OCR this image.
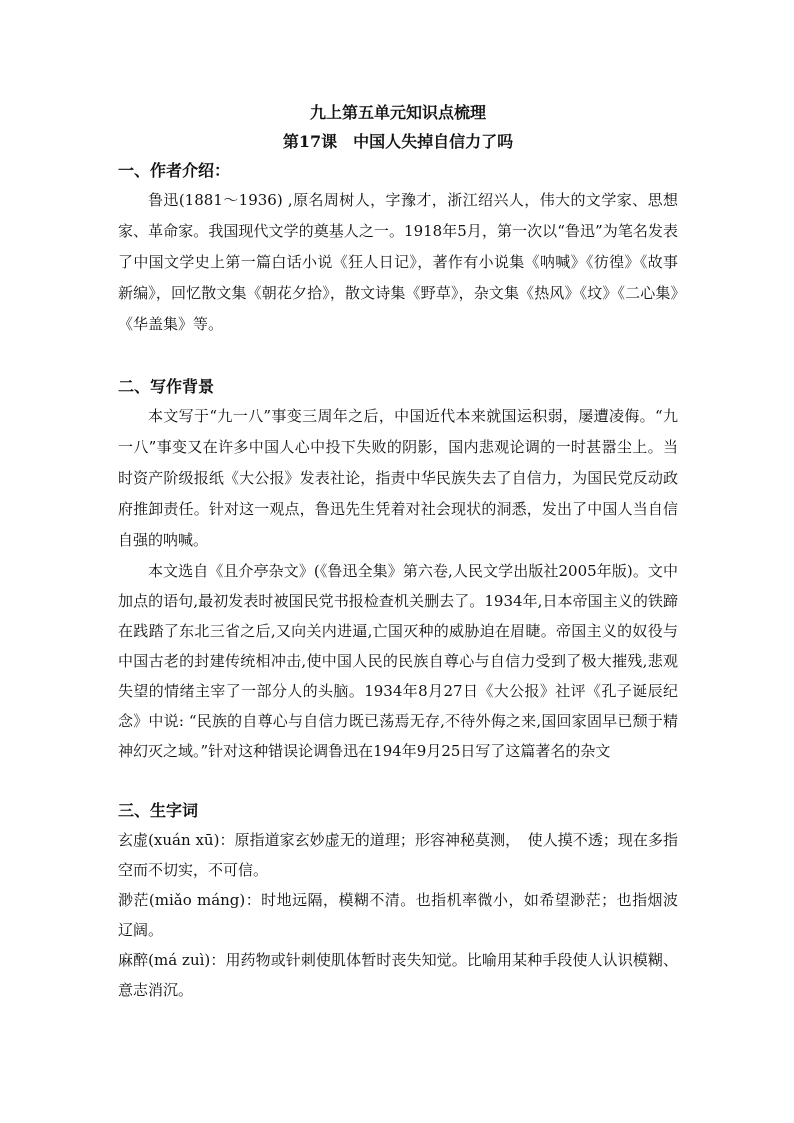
九上第五单元知识点梳理
第17课　中国人失掉自信力了吗
一、作者介绍：

鲁迅(1881～1936) ,原名周树人，字豫才，浙江绍兴人，伟大的文学家、思想家、革命家。我国现代文学的奠基人之一。1918年5月，第一次以“鲁迅”为笔名发表了中国文学史上第一篇白话小说《狂人日记》，著作有小说集《呐喊》《彷徨》《故事新编》，回忆散文集《朝花夕拾》，散文诗集《野草》，杂文集《热风》《坟》《二心集》《华盖集》等。

二、写作背景

本文写于“九一八”事变三周年之后，中国近代本来就国运积弱，屡遭凌侮。“九一八”事变又在许多中国人心中投下失败的阴影，国内悲观论调的一时甚嚣尘上。当时资产阶级报纸《大公报》发表社论，指责中华民族失去了自信力，为国民党反动政府推卸责任。针对这一观点，鲁迅先生凭着对社会现状的洞悉，发出了中国人当自信自强的呐喊。

本文选自《且介亭杂文》(《鲁迅全集》第六卷,人民文学出版社2005年版)。文中加点的语句,最初发表时被国民党书报检查机关删去了。1934年,日本帝国主义的铁蹄在践踏了东北三省之后,又向关内进逼,亡国灭种的威胁迫在眉睫。帝国主义的奴役与中国古老的封建传统相冲击,使中国人民的民族自尊心与自信力受到了极大摧残,悲观失望的情绪主宰了一部分人的头脑。1934年8月27日《大公报》社评《孔子诞辰纪念》中说: “民族的自尊心与自信力既已荡焉无存,不待外侮之来,国回家固早已颓于精神幻灭之域。”针对这种错误论调鲁迅在194年9月25日写了这篇著名的杂文

三、生字词

玄虚(xuán xū)：原指道家玄妙虚无的道理；形容神秘莫测，　使人摸不透；现在多指空而不切实，不可信。

渺茫(miǎo máng)：时地远隔，模糊不清。也指机率微小，如希望渺茫；也指烟波辽阔。

麻醉(má zuì)：用药物或针刺使肌体暂时丧失知觉。比喻用某种手段使人认识模糊、意志消沉。
